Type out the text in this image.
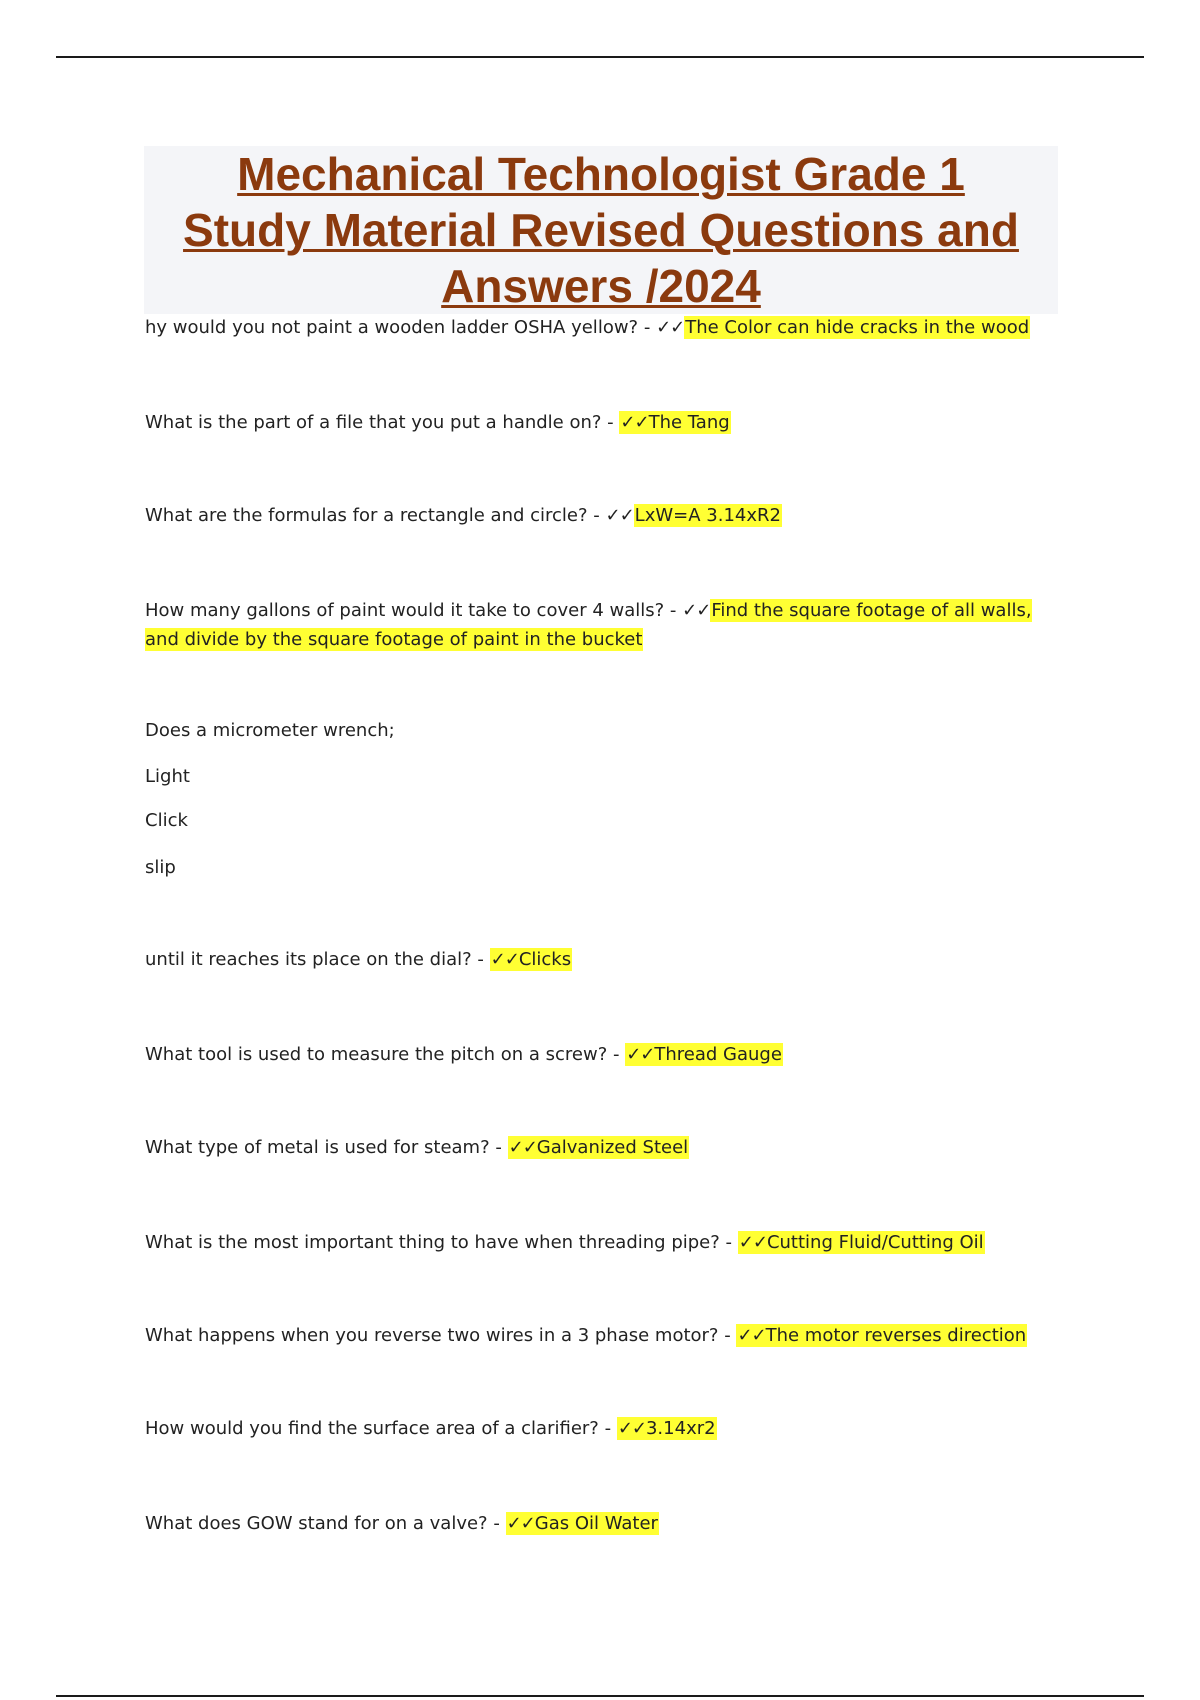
Mechanical Technologist Grade 1
Study Material Revised Questions and
Answers /2024
hy would you not paint a wooden ladder OSHA yellow? - ✓✓The Color can hide cracks in the wood
What is the part of a file that you put a handle on? - ✓✓The Tang
What are the formulas for a rectangle and circle? - ✓✓LxW=A 3.14xR2
How many gallons of paint would it take to cover 4 walls? - ✓✓Find the square footage of all walls, and divide by the square footage of paint in the bucket
Does a micrometer wrench;
Light
Click
slip
until it reaches its place on the dial? - ✓✓Clicks
What tool is used to measure the pitch on a screw? - ✓✓Thread Gauge
What type of metal is used for steam? - ✓✓Galvanized Steel
What is the most important thing to have when threading pipe? - ✓✓Cutting Fluid/Cutting Oil
What happens when you reverse two wires in a 3 phase motor? - ✓✓The motor reverses direction
How would you find the surface area of a clarifier? - ✓✓3.14xr2
What does GOW stand for on a valve? - ✓✓Gas Oil Water
